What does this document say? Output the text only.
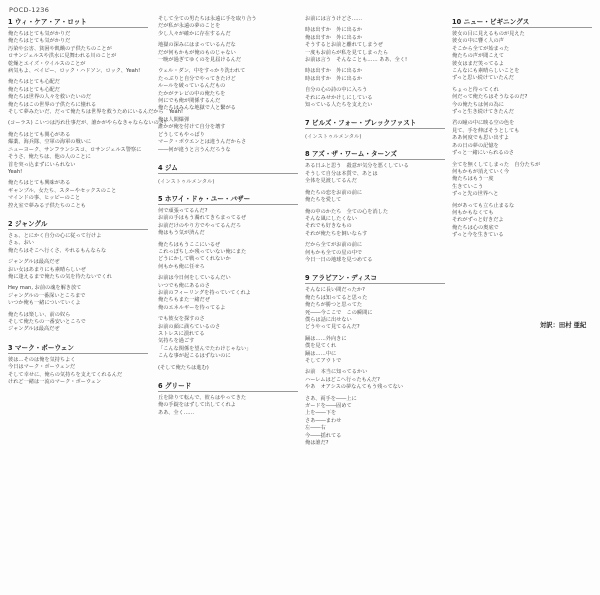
POCD-1236
1 ウィ・ケア・ア・ロット
俺たちはとても気がかりだ
俺たちはとても気がかりだ
汚染や公害、貧困や飢餓の子供たちのことが
ロサンジェルスや洪水に見舞われる川のことが
乾燥とエイズ・ウイルスのことが
病気もよ、ベイビー、ロック・ハドソン、ロック、Yeah!
俺たちはとても心配だ
俺たちはとても心配だ
俺たちは世界の人々を救いたいのだ
俺たちはこの世界の子供たちに憧れる
そして夢みたいだ、だって俺たちは世界を救うためにいるんだから　Yeah!
(コーラス) こいつは汚れ仕事だが、誰かがやらなきゃならないのさ!
俺たちはとても関心がある
爆薬、海兵隊、空軍の海軍の戦いに
ニューヨーク、サンフランシスコ、ロサンジェルス警察に
そうさ、俺たちは、他の人のことに
首を突っ込まずにいられない
Yeah!
俺たちはとても興味がある
ギャンブル、女たち、スターやセックスのこと
マインドの事、ヒッピーのこと
控え室で夢みる子供たちのことも
2 ジャングル
さぁ、とにかく自分の心に従って行けよ
さぁ、おい
俺たちはそこへ行くさ、やれるもんならな
ジャングルは最高だぜ
おい女はあまりにも素晴らしいぜ
俺に逢えるまで俺たちの気を待たないでくれ
Hey man, お前の魂を解き放て
ジャングルの一番深いところまで
いつか俺も一緒についていくよ
俺たちは楽しい、前の奴ら
そして俺たちの一番安いところで
ジャングルは最高だぜ
3 マーク・ボーウェン
彼は…そのは俺を気持ちよく
今日はマーク・ボーウェンだ
そして幸せに、俺らの気持ちを支えてくれるんだ
けれど一緒は一流のマーク・ボーウェン
そして全ての男たちは永遠に手を取り合う
だが私が永遠の夢のことを
少し人々が確かに存在するんだ
地獄の深みにはまっているんだな
だが何もかもが俺のものじゃない
一晩が過ぎてゆくのを見届けるんだ
ウェル・ダン、中をすっかり洗われて
たっぷりと自分でやってきたけど
ルールを破っているんだもの
たかがテレビの中の俺たちを
何にでも俺が関係するんだ
俺たちはみんな地獄で人と繋がる
俺は人間爆弾
誰かが俺を付けて自分を壊す
どうしてもやっぱり
マーク・ボウエンとは違うんだからさ
――何が違うと言うんだろうな
4 ジム
(インストゥルメンタル)
5 ホワイ・ドゥ・ユー・バザー
何で頑張ってるんだ?
お前の手はもう濁れてきちまってるぜ
お前だけのやり方でやってるんだろ
俺はもう気が済んだ
俺たちはもうここにいるぜ
これっぽちしか残っていない俺にまた
どうにかして戦ってくれないか
何もかも俺に任せろ
お前は今日何をしているんだい
いつでも俺にあるのさ
お前のフィーリングを持っていてくれよ
俺たちもまた一緒だぜ
俺のエネルギーを待ってるよ
でも彼女を探すのさ
お前の顔に満ちているのさ
ストレスに潰れてる
気持ちを過ごす
「こんな関係を望んでたわけじゃない」
こんな事が起こるはずないのに
(そして俺たちは進む)
6 グリード
丘を降りて転んで、彼らはやってきた
俺の手錠をはずして出してくれよ
ああ、全く……
お前には言うけどさ……
時は出すか　外に出るか
俺は出すか　外に出るか
そうするとお前と離れてしまうぜ
一度もお前らが私を見てしまったら
お前は言う　そんなことも…… ああ、全く!
時は出すか　外に出るか
時は出すか　外に出るか
自分の心の詩の中に入ろう
それにみせかけしにしている
知っている人たちを支えたい
7 ビルズ・フォー・ブレックファスト
(インストゥルメンタル)
8 アズ・ザ・ワーム・ターンズ
ある日ふと思う　殺意が気分を悪くしている
そうして自分は本質で、あとは
全体を見渡してるんだ
俺たちの恋をお前の前に
俺たちを愛して
俺の中のかたち　全ての心を消した
そんな風にしたくない
それでも好きなもの
それが俺たちを飼いならす
だから全てがお前の前に
何もかも全ての星の中で
今日一日の地球を見つめてる
9 アラビアン・ディスコ
そんなに長い間だったか?
俺たちは知ってると思った
俺たちが勝つと思ってた
死――今ここで　この瞬間に
僕らは話に出せない
どうやって見てるんだ?
踊は……外向きに
僕を見てくれ
踊は……中に
そしてアウトで
お前　本当に知ってるかい
ハーレムはどこへ行ったもんだ?
やあ　オアシスの夢なんてもう残ってない
さあ、両手を――上に
ガードを――固めて
上を――下を
さあ――まわせ
左――右
今――揺れてる
俺は誰だ?
10 ニュー・ビギニングス
彼女の目に見えるものが見えた
彼女の中に響く人の声
そこから全てが始まった
俺たちの声が聞こえて
彼女はまだ笑ってるよ
こんなにも素晴らしいことを
ずっと思い続けていたんだ
ちょっと待ってくれ
何だって俺たちはそうなるのだ?
今の俺たちは何の為に
ずっと生き続けてきたんだ
君の瞳の中に映る空の色を
見て、手を伸ばそうとしても
ああ何度でも思い出すよ
あの日の夢の記憶を
ずっと一緒にいられるのさ
全てを無くしてしまった　自分たちが
何もかもが消えていく今
俺たちはもう一度
生きていこう
ずっと先の世界へと
何があっても立ち止まるな
何もかもなくても
それがずっと好きだよ
俺たちは心の奥底で
ずっと今を生きている
対訳：田村 亜紀
